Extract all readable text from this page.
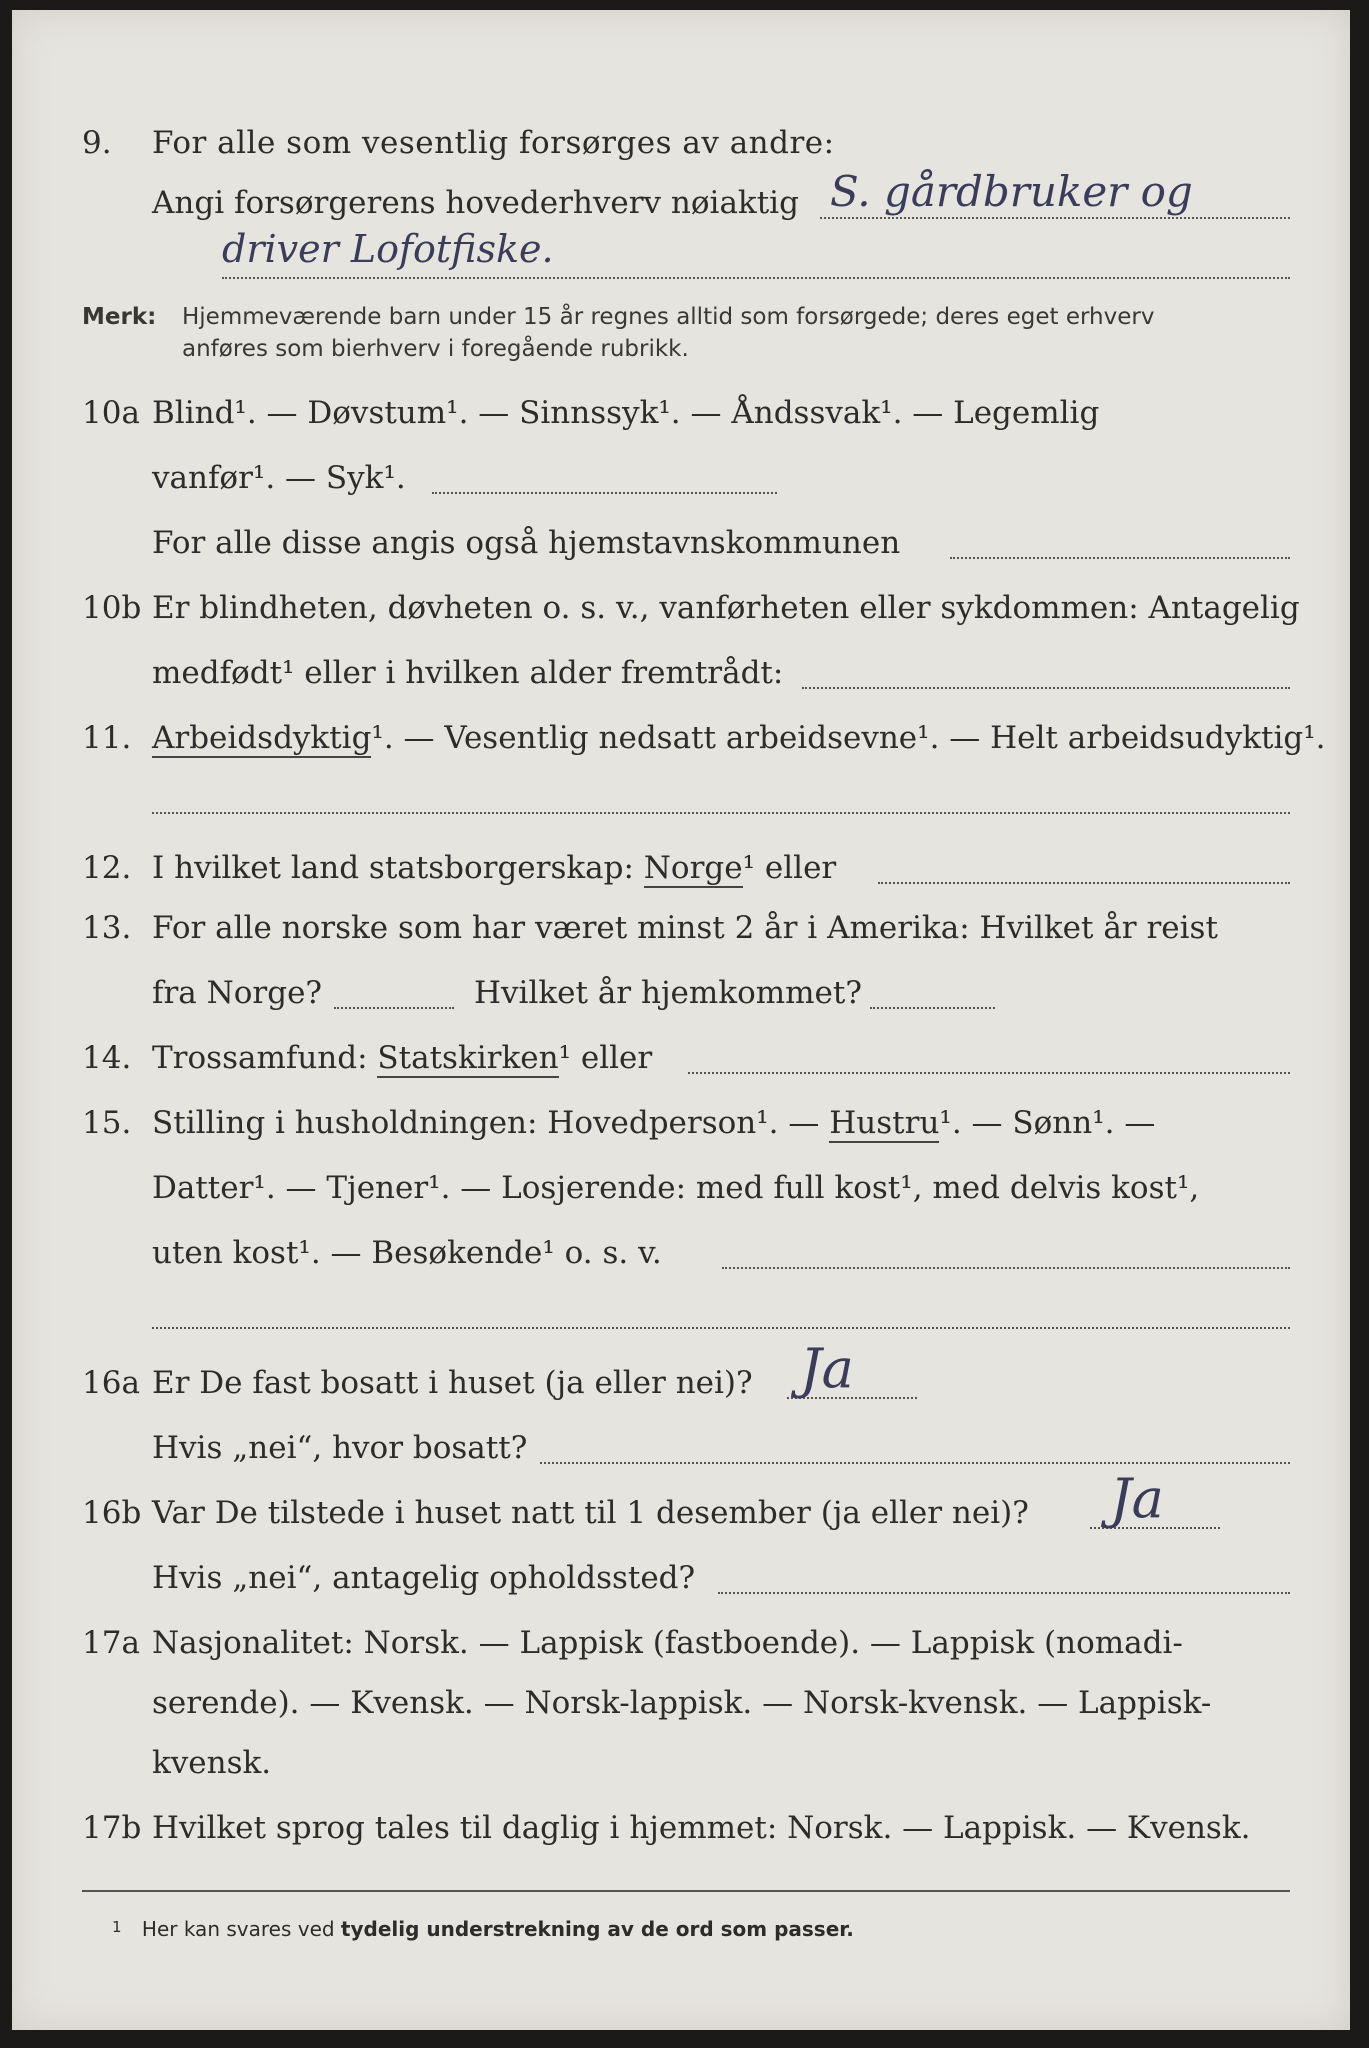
9. For alle som vesentlig forsørges av andre:
Angi forsørgerens hovederhverv nøiaktig S. gårdbruker og
driver Lofotfiske.
Merk: Hjemmeværende barn under 15 år regnes alltid som forsørgede; deres eget erhverv
anføres som bierhverv i foregående rubrikk.
10a Blind¹. — Døvstum¹. — Sinnssyk¹. — Åndssvak¹. — Legemlig
vanfør¹. — Syk¹.
For alle disse angis også hjemstavnskommunen
10b Er blindheten, døvheten o. s. v., vanførheten eller sykdommen: Antagelig
medfødt¹ eller i hvilken alder fremtrådt:
11. Arbeidsdyktig¹. — Vesentlig nedsatt arbeidsevne¹. — Helt arbeidsudyktig¹.
12. I hvilket land statsborgerskap: Norge¹ eller
13. For alle norske som har været minst 2 år i Amerika: Hvilket år reist
fra Norge?	Hvilket år hjemkommet?
14. Trossamfund: Statskirken¹ eller
15. Stilling i husholdningen: Hovedperson¹. — Hustru¹. — Sønn¹. —
Datter¹. — Tjener¹. — Losjerende: med full kost¹, med delvis kost¹,
uten kost¹. — Besøkende¹ o. s. v.
16a Er De fast bosatt i huset (ja eller nei)? Ja
Hvis „nei“, hvor bosatt?
16b Var De tilstede i huset natt til 1 desember (ja eller nei)? Ja
Hvis „nei“, antagelig opholdssted?
17a Nasjonalitet: Norsk. — Lappisk (fastboende). — Lappisk (nomadi-
serende). — Kvensk. — Norsk-lappisk. — Norsk-kvensk. — Lappisk-
kvensk.
17b Hvilket sprog tales til daglig i hjemmet: Norsk. — Lappisk. — Kvensk.
$^1$ Her kan svares ved tydelig understrekning av de ord som passer.
